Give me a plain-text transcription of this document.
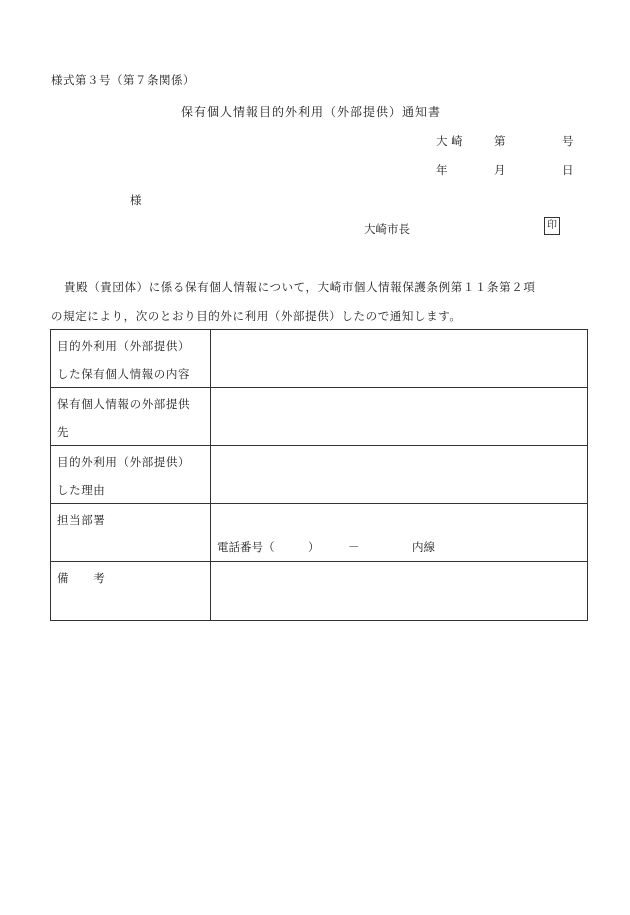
様式第３号（第７条関係）
保有個人情報目的外利用（外部提供）通知書
大 崎	第	号
年	月	日
様
大崎市長	印
貴殿（貴団体）に係る保有個人情報について，大崎市個人情報保護条例第１１条第２項
の規定により，次のとおり目的外に利用（外部提供）したので通知します。
目的外利用（外部提供）
した保有個人情報の内容	

保有個人情報の外部提供
先	

目的外利用（外部提供）
した理由	

担当部署	電話番号（ ） － 内線

備　　考	
